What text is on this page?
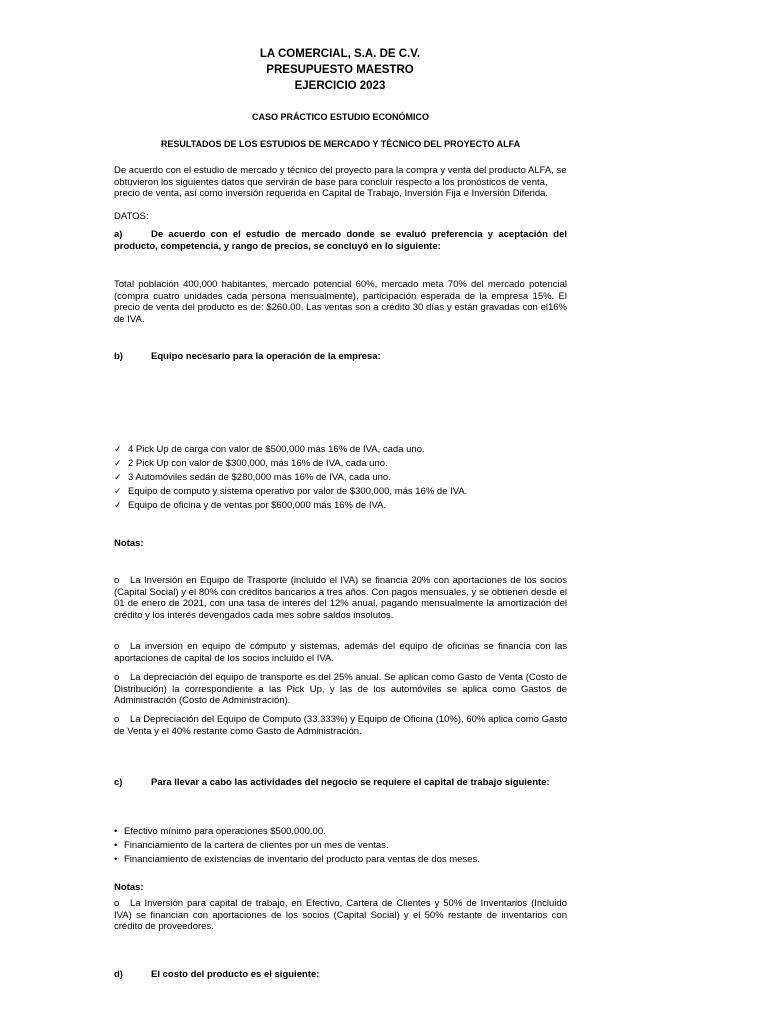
LA COMERCIAL, S.A. DE C.V.
PRESUPUESTO MAESTRO
EJERCICIO 2023
CASO PRÁCTICO ESTUDIO ECONÓMICO
RESULTADOS DE LOS ESTUDIOS DE MERCADO Y TÉCNICO DEL PROYECTO ALFA

De acuerdo con el estudio de mercado y técnico del proyecto para la compra y venta del producto ALFA, se obtuvieron los siguientes datos que servirán de base para concluir respecto a los pronósticos de venta, precio de venta, así como inversión requerida en Capital de Trabajo, Inversión Fija e Inversión Diferida.

DATOS:

a)	De acuerdo con el estudio de mercado donde se evaluó preferencia y aceptación del producto, competencia, y rango de precios, se concluyó en lo siguiente:

Total población 400,000 habitantes, mercado potencial 60%, mercado meta 70% del mercado potencial (compra cuatro unidades cada persona mensualmente), participación esperada de la empresa 15%. El precio de venta del producto es de: $260.00. Las ventas son a crédito 30 días y están gravadas con el16% de IVA.

b)	Equipo necesario para la operación de la empresa:
✓ 4 Pick Up de carga con valor de $500,000 más 16% de IVA, cada uno.
✓ 2 Pick Up con valor de $300,000, más 16% de IVA, cada uno.
✓ 3 Automóviles sedán de $280,000 más 16% de IVA, cada uno.
✓ Equipo de computo y sistema operativo por valor de $300,000, más 16% de IVA.
✓ Equipo de oficina y de ventas por $600,000 más 16% de IVA.
Notas:

o La Inversión en Equipo de Trasporte (incluido el IVA) se financia 20% con aportaciones de los socios (Capital Social) y el 80% con créditos bancarios a tres años. Con pagos mensuales, y se obtienen desde el 01 de enero de 2021, con una tasa de interés del 12% anual, pagando mensualmente la amortización del crédito y los interés devengados cada mes sobre saldos insolutos.

o La inversión en equipo de cómputo y sistemas, además del equipo de oficinas se financia con las aportaciones de capital de los socios incluido el IVA.

o La depreciación del equipo de transporte es del 25% anual. Se aplican como Gasto de Venta (Costo de Distribución) la correspondiente a las Pick Up, y las de los automóviles se aplica como Gastos de Administración (Costo de Administración).

o La Depreciación del Equipo de Computo (33.333%) y Equipo de Oficina (10%), 60% aplica como Gasto de Venta y el 40% restante como Gasto de Administración.

c)	Para llevar a cabo las actividades del negocio se requiere el capital de trabajo siguiente:
• Efectivo mínimo para operaciones $500,000.00.
• Financiamiento de la cartera de clientes por un mes de ventas.
• Financiamiento de existencias de inventario del producto para ventas de dos meses.
Notas:

o La Inversión para capital de trabajo, en Efectivo, Cartera de Clientes y 50% de Inventarios (Incluido IVA) se financian con aportaciones de los socios (Capital Social) y el 50% restante de inventarios con crédito de proveedores.

d)	El costo del producto es el siguiente:
